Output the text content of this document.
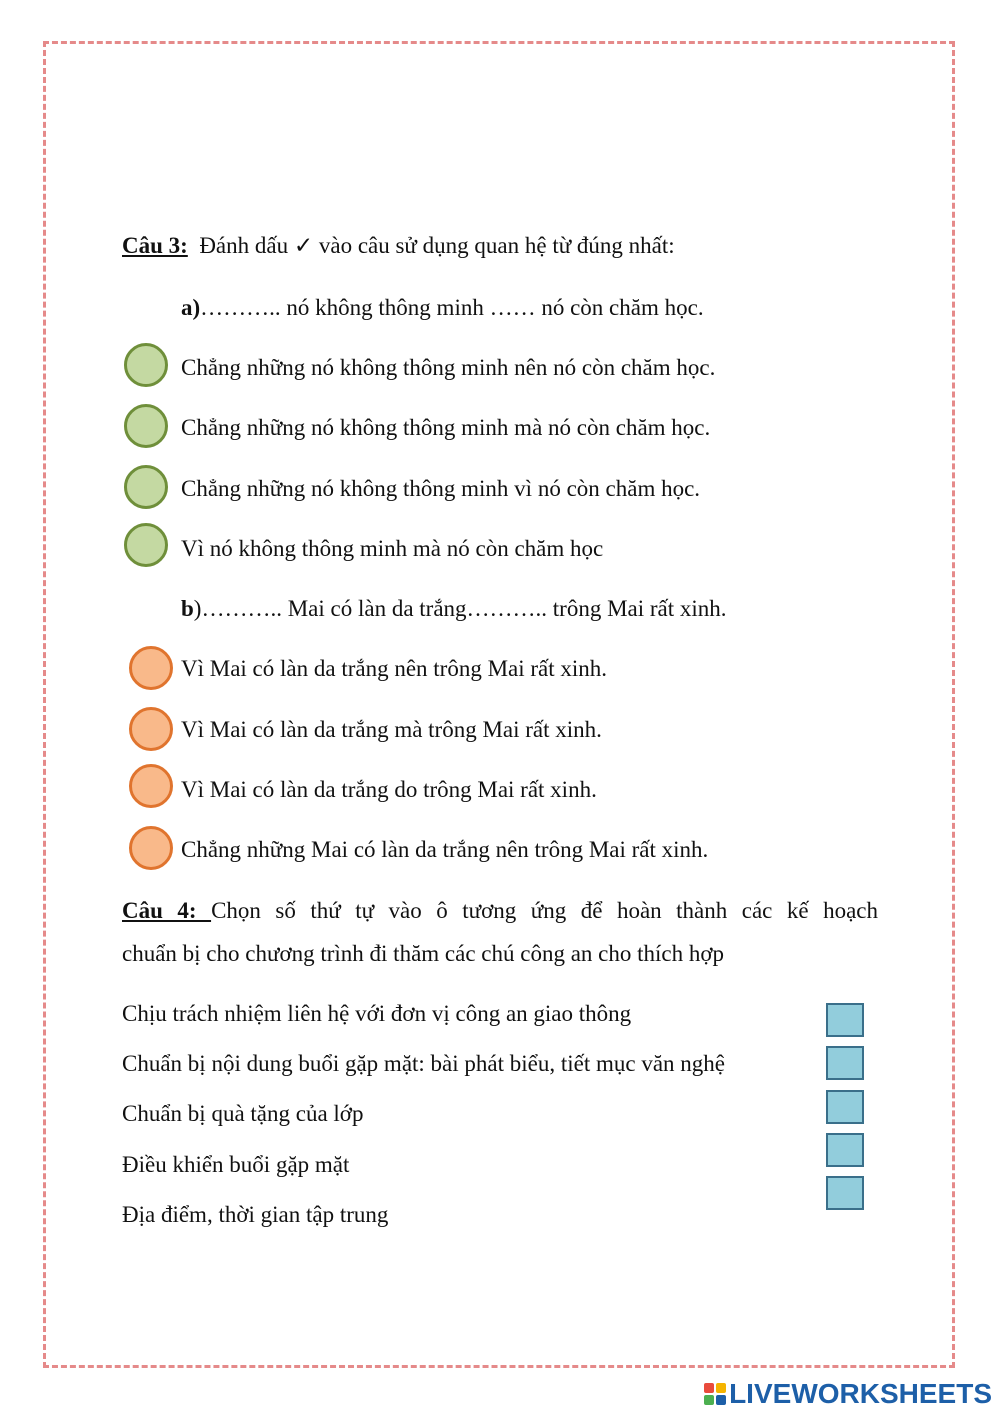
Câu 3: Đánh dấu ✓ vào câu sử dụng quan hệ từ đúng nhất:
a)……….. nó không thông minh …… nó còn chăm học.
Chẳng những nó không thông minh nên nó còn chăm học.
Chẳng những nó không thông minh mà nó còn chăm học.
Chẳng những nó không thông minh vì nó còn chăm học.
Vì nó không thông minh mà nó còn chăm học
b)……….. Mai có làn da trắng……….. trông Mai rất xinh.
Vì Mai có làn da trắng nên trông Mai rất xinh.
Vì Mai có làn da trắng mà trông Mai rất xinh.
Vì Mai có làn da trắng do trông Mai rất xinh.
Chẳng những Mai có làn da trắng nên trông Mai rất xinh.
Câu 4: Chọn số thứ tự vào ô tương ứng để hoàn thành các kế hoạch
chuẩn bị cho chương trình đi thăm các chú công an cho thích hợp
Chịu trách nhiệm liên hệ với đơn vị công an giao thông
Chuẩn bị nội dung buổi gặp mặt: bài phát biểu, tiết mục văn nghệ
Chuẩn bị quà tặng của lớp
Điều khiển buổi gặp mặt
Địa điểm, thời gian tập trung
LIVEWORKSHEETS
